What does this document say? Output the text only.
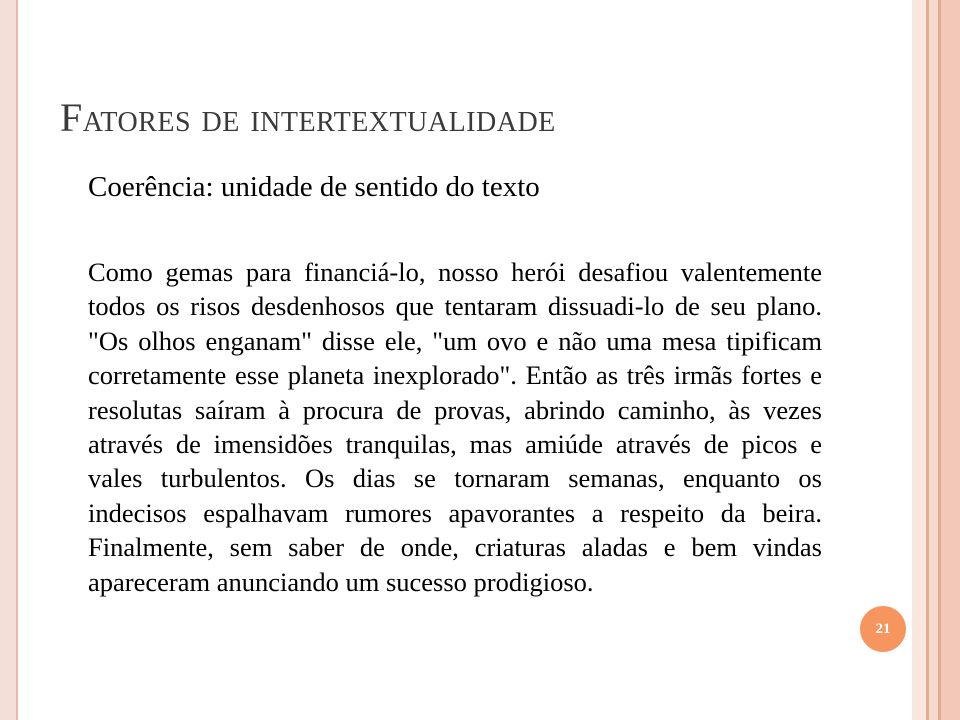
Fatores de intertextualidade

Coerência: unidade de sentido do texto

Como gemas para financiá-lo, nosso herói desafiou valentemente todos os risos desdenhosos que tentaram dissuadi-lo de seu plano. "Os olhos enganam" disse ele, "um ovo e não uma mesa tipificam corretamente esse planeta inexplorado". Então as três irmãs fortes e resolutas saíram à procura de provas, abrindo caminho, às vezes através de imensidões tranquilas, mas amiúde através de picos e vales turbulentos. Os dias se tornaram semanas, enquanto os indecisos espalhavam rumores apavorantes a respeito da beira. Finalmente, sem saber de onde, criaturas aladas e bem vindas apareceram anunciando um sucesso prodigioso.

21
